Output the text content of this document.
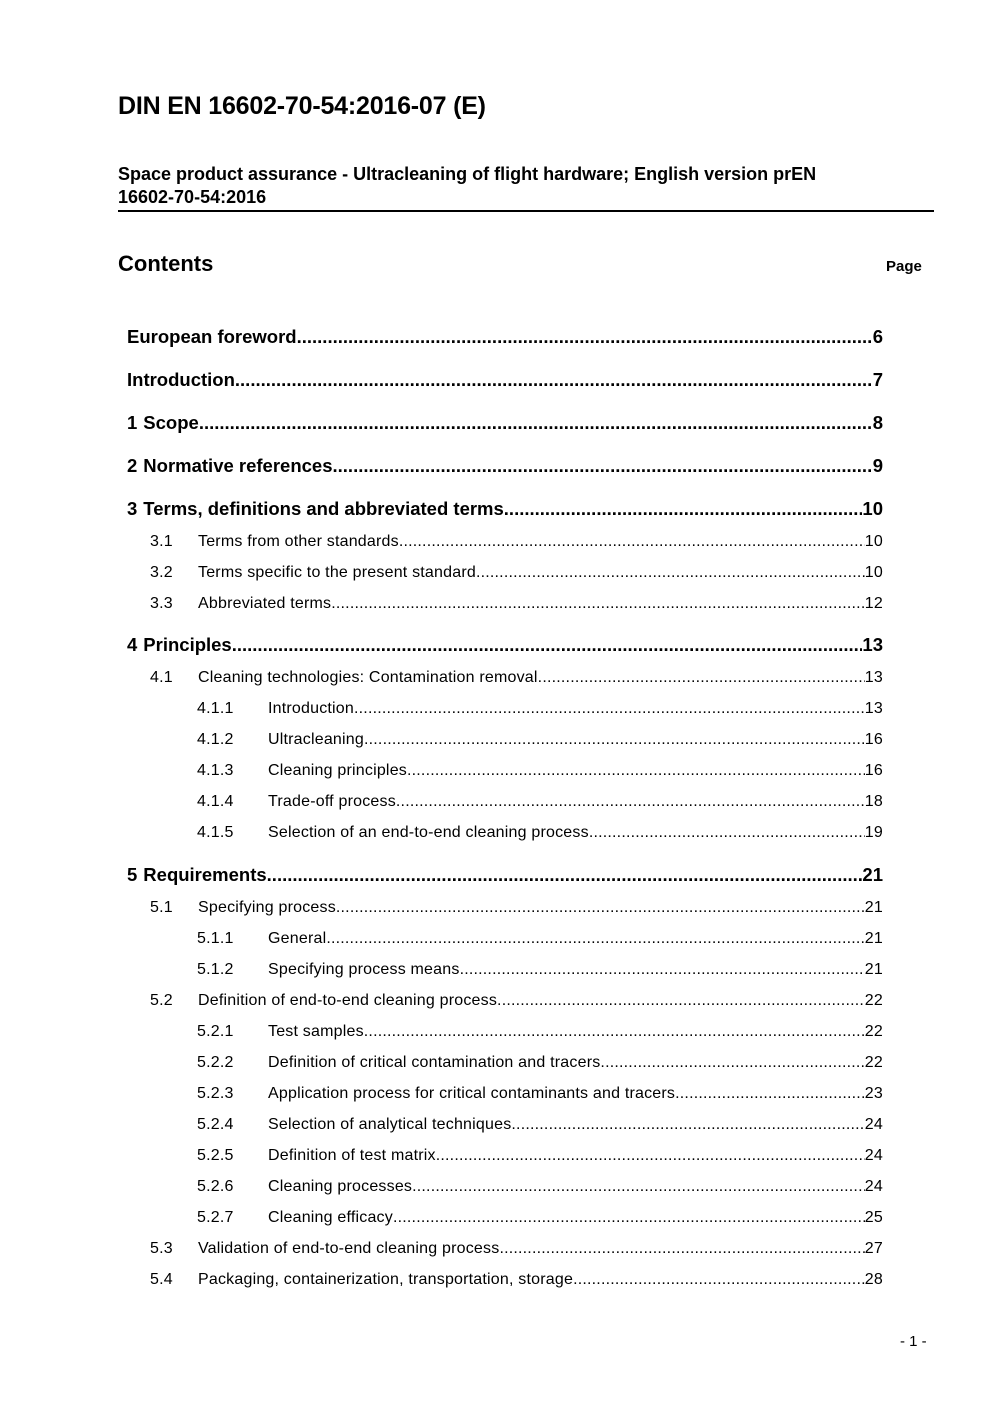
DIN EN 16602-70-54:2016-07 (E)
Space product assurance - Ultracleaning of flight hardware; English version prEN
16602-70-54:2016
Contents	Page
European foreword .....	6
Introduction .....	7
1 Scope .....	8
2 Normative references .....	9
3 Terms, definitions and abbreviated terms .....	10
3.1 Terms from other standards .....	10
3.2 Terms specific to the present standard .....	10
3.3 Abbreviated terms .....	12
4 Principles .....	13
4.1 Cleaning technologies: Contamination removal .....	13
4.1.1 Introduction .....	13
4.1.2 Ultracleaning .....	16
4.1.3 Cleaning principles .....	16
4.1.4 Trade-off process .....	18
4.1.5 Selection of an end-to-end cleaning process .....	19
5 Requirements .....	21
5.1 Specifying process .....	21
5.1.1 General .....	21
5.1.2 Specifying process means .....	21
5.2 Definition of end-to-end cleaning process .....	22
5.2.1 Test samples .....	22
5.2.2 Definition of critical contamination and tracers .....	22
5.2.3 Application process for critical contaminants and tracers .....	23
5.2.4 Selection of analytical techniques .....	24
5.2.5 Definition of test matrix .....	24
5.2.6 Cleaning processes .....	24
5.2.7 Cleaning efficacy .....	25
5.3 Validation of end-to-end cleaning process .....	27
5.4 Packaging, containerization, transportation, storage .....	28
- 1 -
